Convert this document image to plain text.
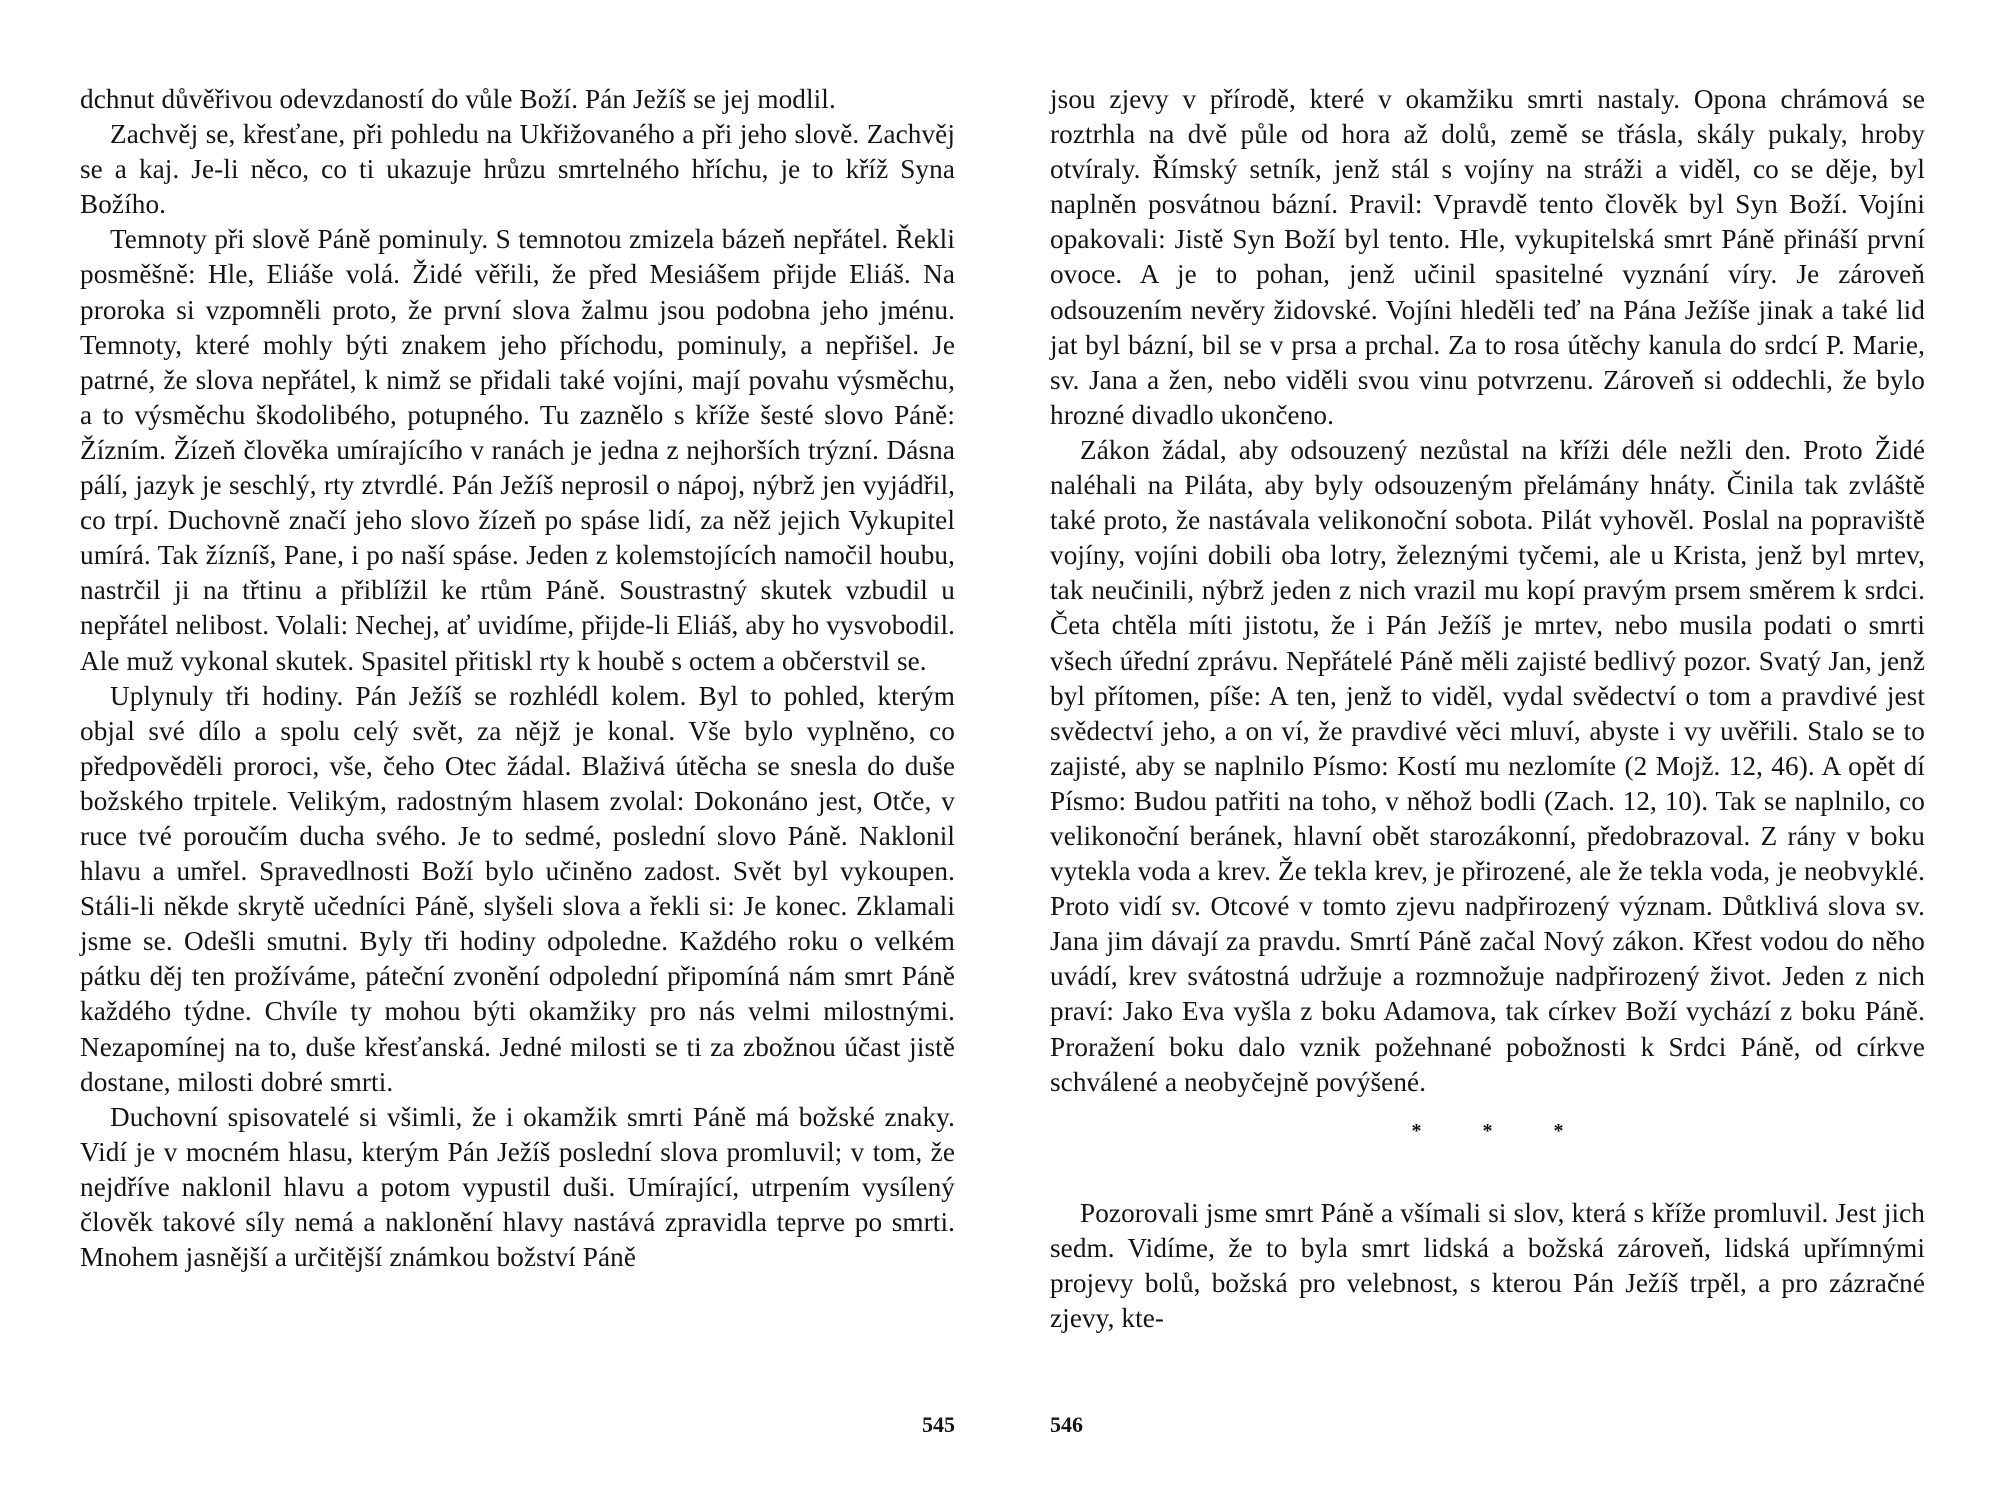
dchnut důvěřivou odevzdaností do vůle Boží. Pán Ježíš se jej modlil.

Zachvěj se, křesťane, při pohledu na Ukřižovaného a při jeho slově. Zachvěj se a kaj. Je-li něco, co ti ukazuje hrůzu smrtelného hříchu, je to kříž Syna Božího.

Temnoty při slově Páně pominuly. S temnotou zmizela bázeň nepřátel. Řekli posměšně: Hle, Eliáše volá. Židé věřili, že před Mesiášem přijde Eliáš. Na proroka si vzpomněli proto, že první slova žalmu jsou podobna jeho jménu. Temnoty, které mohly býti znakem jeho příchodu, pominuly, a nepřišel. Je patrné, že slova nepřátel, k nimž se přidali také vojíni, mají povahu výsměchu, a to výsměchu škodolibého, potupného. Tu zaznělo s kříže šesté slovo Páně: Žízním. Žízeň člověka umírajícího v ranách je jedna z nejhorších trýzní. Dásna pálí, jazyk je seschlý, rty ztvrdlé. Pán Ježíš neprosil o nápoj, nýbrž jen vyjádřil, co trpí. Duchovně značí jeho slovo žízeň po spáse lidí, za něž jejich Vykupitel umírá. Tak žízníš, Pane, i po naší spáse. Jeden z kolemstojících namočil houbu, nastrčil ji na třtinu a přiblížil ke rtům Páně. Soustrastný skutek vzbudil u nepřátel nelibost. Volali: Nechej, ať uvidíme, přijde-li Eliáš, aby ho vysvobodil. Ale muž vykonal skutek. Spasitel přitiskl rty k houbě s octem a občerstvil se.

Uplynuly tři hodiny. Pán Ježíš se rozhlédl kolem. Byl to pohled, kterým objal své dílo a spolu celý svět, za nějž je konal. Vše bylo vyplněno, co předpověděli proroci, vše, čeho Otec žádal. Blaživá útěcha se snesla do duše božského trpitele. Velikým, radostným hlasem zvolal: Dokonáno jest, Otče, v ruce tvé poroučím ducha svého. Je to sedmé, poslední slovo Páně. Naklonil hlavu a umřel. Spravedlnosti Boží bylo učiněno zadost. Svět byl vykoupen. Stáli-li někde skrytě učedníci Páně, slyšeli slova a řekli si: Je konec. Zklamali jsme se. Odešli smutni. Byly tři hodiny odpoledne. Každého roku o velkém pátku děj ten prožíváme, páteční zvonění odpolední připomíná nám smrt Páně každého týdne. Chvíle ty mohou býti okamžiky pro nás velmi milostnými. Nezapomínej na to, duše křesťanská. Jedné milosti se ti za zbožnou účast jistě dostane, milosti dobré smrti.

Duchovní spisovatelé si všimli, že i okamžik smrti Páně má božské znaky. Vidí je v mocném hlasu, kterým Pán Ježíš poslední slova promluvil; v tom, že nejdříve naklonil hlavu a potom vypustil duši. Umírající, utrpením vysílený člověk takové síly nemá a naklonění hlavy nastává zpravidla teprve po smrti. Mnohem jasnější a určitější známkou božství Páně

545

jsou zjevy v přírodě, které v okamžiku smrti nastaly. Opona chrámová se roztrhla na dvě půle od hora až dolů, země se třásla, skály pukaly, hroby otvíraly. Římský setník, jenž stál s vojíny na stráži a viděl, co se děje, byl naplněn posvátnou bázní. Pravil: Vpravdě tento člověk byl Syn Boží. Vojíni opakovali: Jistě Syn Boží byl tento. Hle, vykupitelská smrt Páně přináší první ovoce. A je to pohan, jenž učinil spasitelné vyznání víry. Je zároveň odsouzením nevěry židovské. Vojíni hleděli teď na Pána Ježíše jinak a také lid jat byl bázní, bil se v prsa a prchal. Za to rosa útěchy kanula do srdcí P. Marie, sv. Jana a žen, nebo viděli svou vinu potvrzenu. Zároveň si oddechli, že bylo hrozné divadlo ukončeno.

Zákon žádal, aby odsouzený nezůstal na kříži déle nežli den. Proto Židé naléhali na Piláta, aby byly odsouzeným přelámány hnáty. Činila tak zvláště také proto, že nastávala velikonoční sobota. Pilát vyhověl. Poslal na popraviště vojíny, vojíni dobili oba lotry, železnými tyčemi, ale u Krista, jenž byl mrtev, tak neučinili, nýbrž jeden z nich vrazil mu kopí pravým prsem směrem k srdci. Četa chtěla míti jistotu, že i Pán Ježíš je mrtev, nebo musila podati o smrti všech úřední zprávu. Nepřátelé Páně měli zajisté bedlivý pozor. Svatý Jan, jenž byl přítomen, píše: A ten, jenž to viděl, vydal svědectví o tom a pravdivé jest svědectví jeho, a on ví, že pravdivé věci mluví, abyste i vy uvěřili. Stalo se to zajisté, aby se naplnilo Písmo: Kostí mu nezlomíte (2 Mojž. 12, 46). A opět dí Písmo: Budou patřiti na toho, v něhož bodli (Zach. 12, 10). Tak se naplnilo, co velikonoční beránek, hlavní obět starozákonní, předobrazoval. Z rány v boku vytekla voda a krev. Že tekla krev, je přirozené, ale že tekla voda, je neobvyklé. Proto vidí sv. Otcové v tomto zjevu nadpřirozený význam. Důtklivá slova sv. Jana jim dávají za pravdu. Smrtí Páně začal Nový zákon. Křest vodou do něho uvádí, krev svátostná udržuje a rozmnožuje nadpřirozený život. Jeden z nich praví: Jako Eva vyšla z boku Adamova, tak církev Boží vychází z boku Páně. Proražení boku dalo vznik požehnané pobožnosti k Srdci Páně, od církve schválené a neobyčejně povýšené.

* * *

Pozorovali jsme smrt Páně a všímali si slov, která s kříže promluvil. Jest jich sedm. Vidíme, že to byla smrt lidská a božská zároveň, lidská upřímnými projevy bolů, božská pro velebnost, s kterou Pán Ježíš trpěl, a pro zázračné zjevy, kte-

546
